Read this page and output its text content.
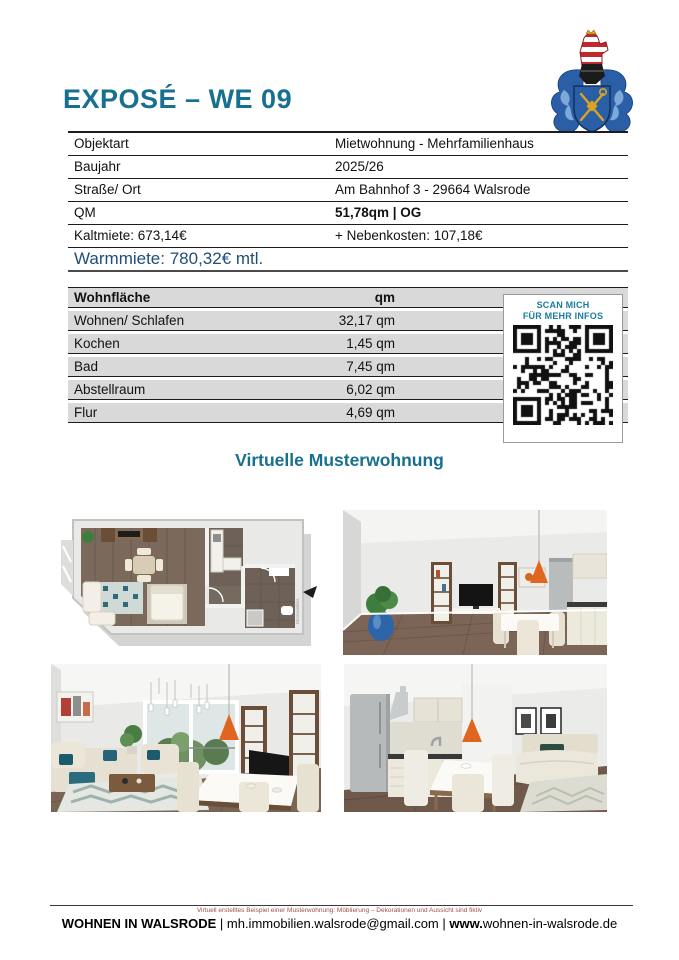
EXPOSÉ – WE 09
Objektart	Mietwohnung - Mehrfamilienhaus
Baujahr	2025/26
Straße/ Ort	Am Bahnhof 3 - 29664 Walsrode
QM	51,78qm | OG
Kaltmiete: 673,14€	+ Nebenkosten: 107,18€
Warmmiete: 780,32€ mtl.
Wohnfläche	qm
Wohnen/ Schlafen	32,17 qm
Kochen	1,45 qm
Bad	7,45 qm
Abstellraum	6,02 qm
Flur	4,69 qm
SCAN MICH
FÜR MEHR INFOS
Virtuelle Musterwohnung
McGrundriss
Virtuell erstelltes Beispiel einer Musterwohnung: Möblierung – Dekorationen und Aussicht sind fiktiv
WOHNEN IN WALSRODE | mh.immobilien.walsrode@gmail.com | www.wohnen-in-walsrode.de
